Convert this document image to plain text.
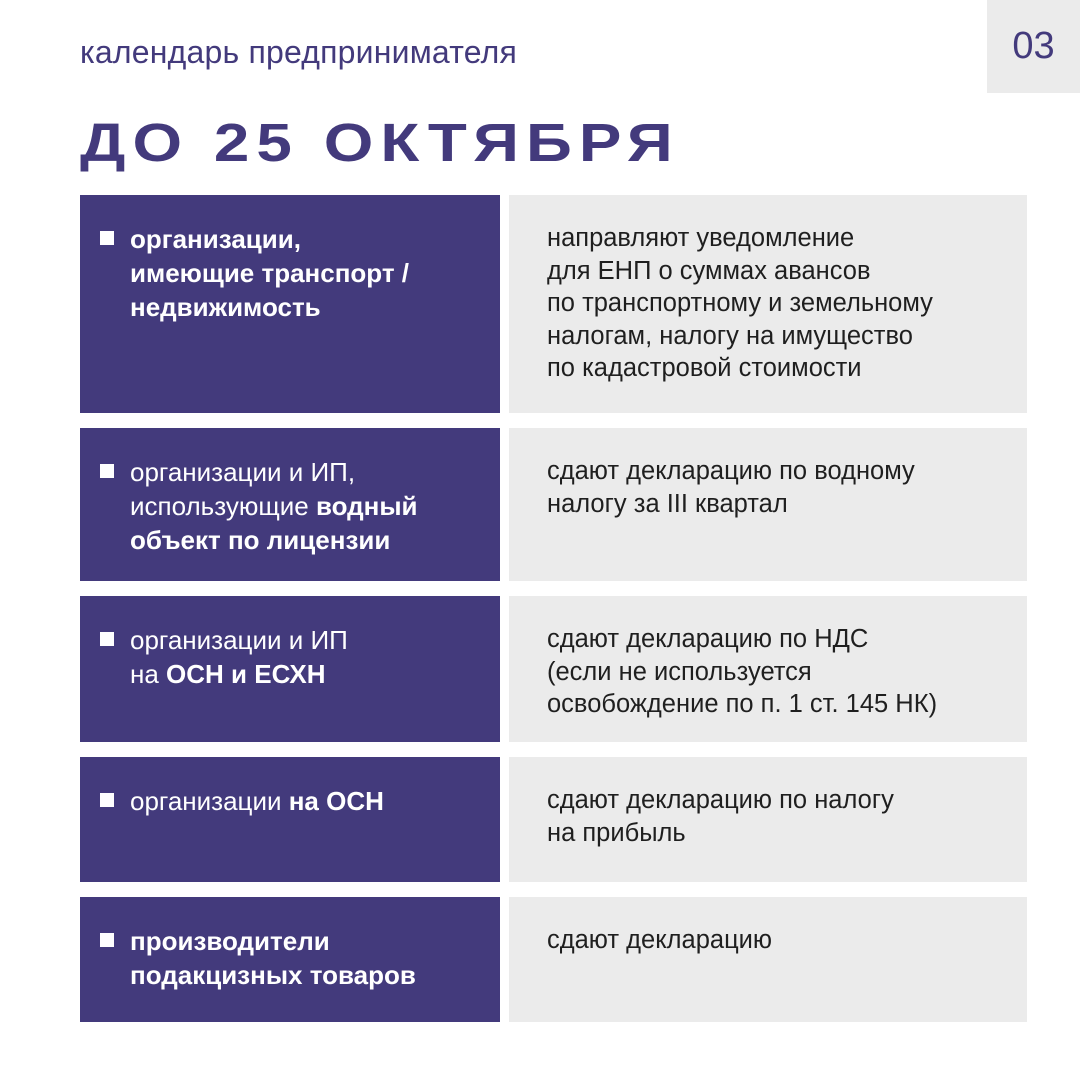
календарь предпринимателя	03
ДО 25 ОКТЯБРЯ
организации,
имеющие транспорт /
недвижимость
направляют уведомление
для ЕНП о суммах авансов
по транспортному и земельному
налогам, налогу на имущество
по кадастровой стоимости
организации и ИП,
использующие водный
объект по лицензии
сдают декларацию по водному
налогу за III квартал
организации и ИП
на ОСН и ЕСХН
сдают декларацию по НДС
(если не используется
освобождение по п. 1 ст. 145 НК)
организации на ОСН	сдают декларацию по налогу
на прибыль
производители
подакцизных товаров
сдают декларацию
